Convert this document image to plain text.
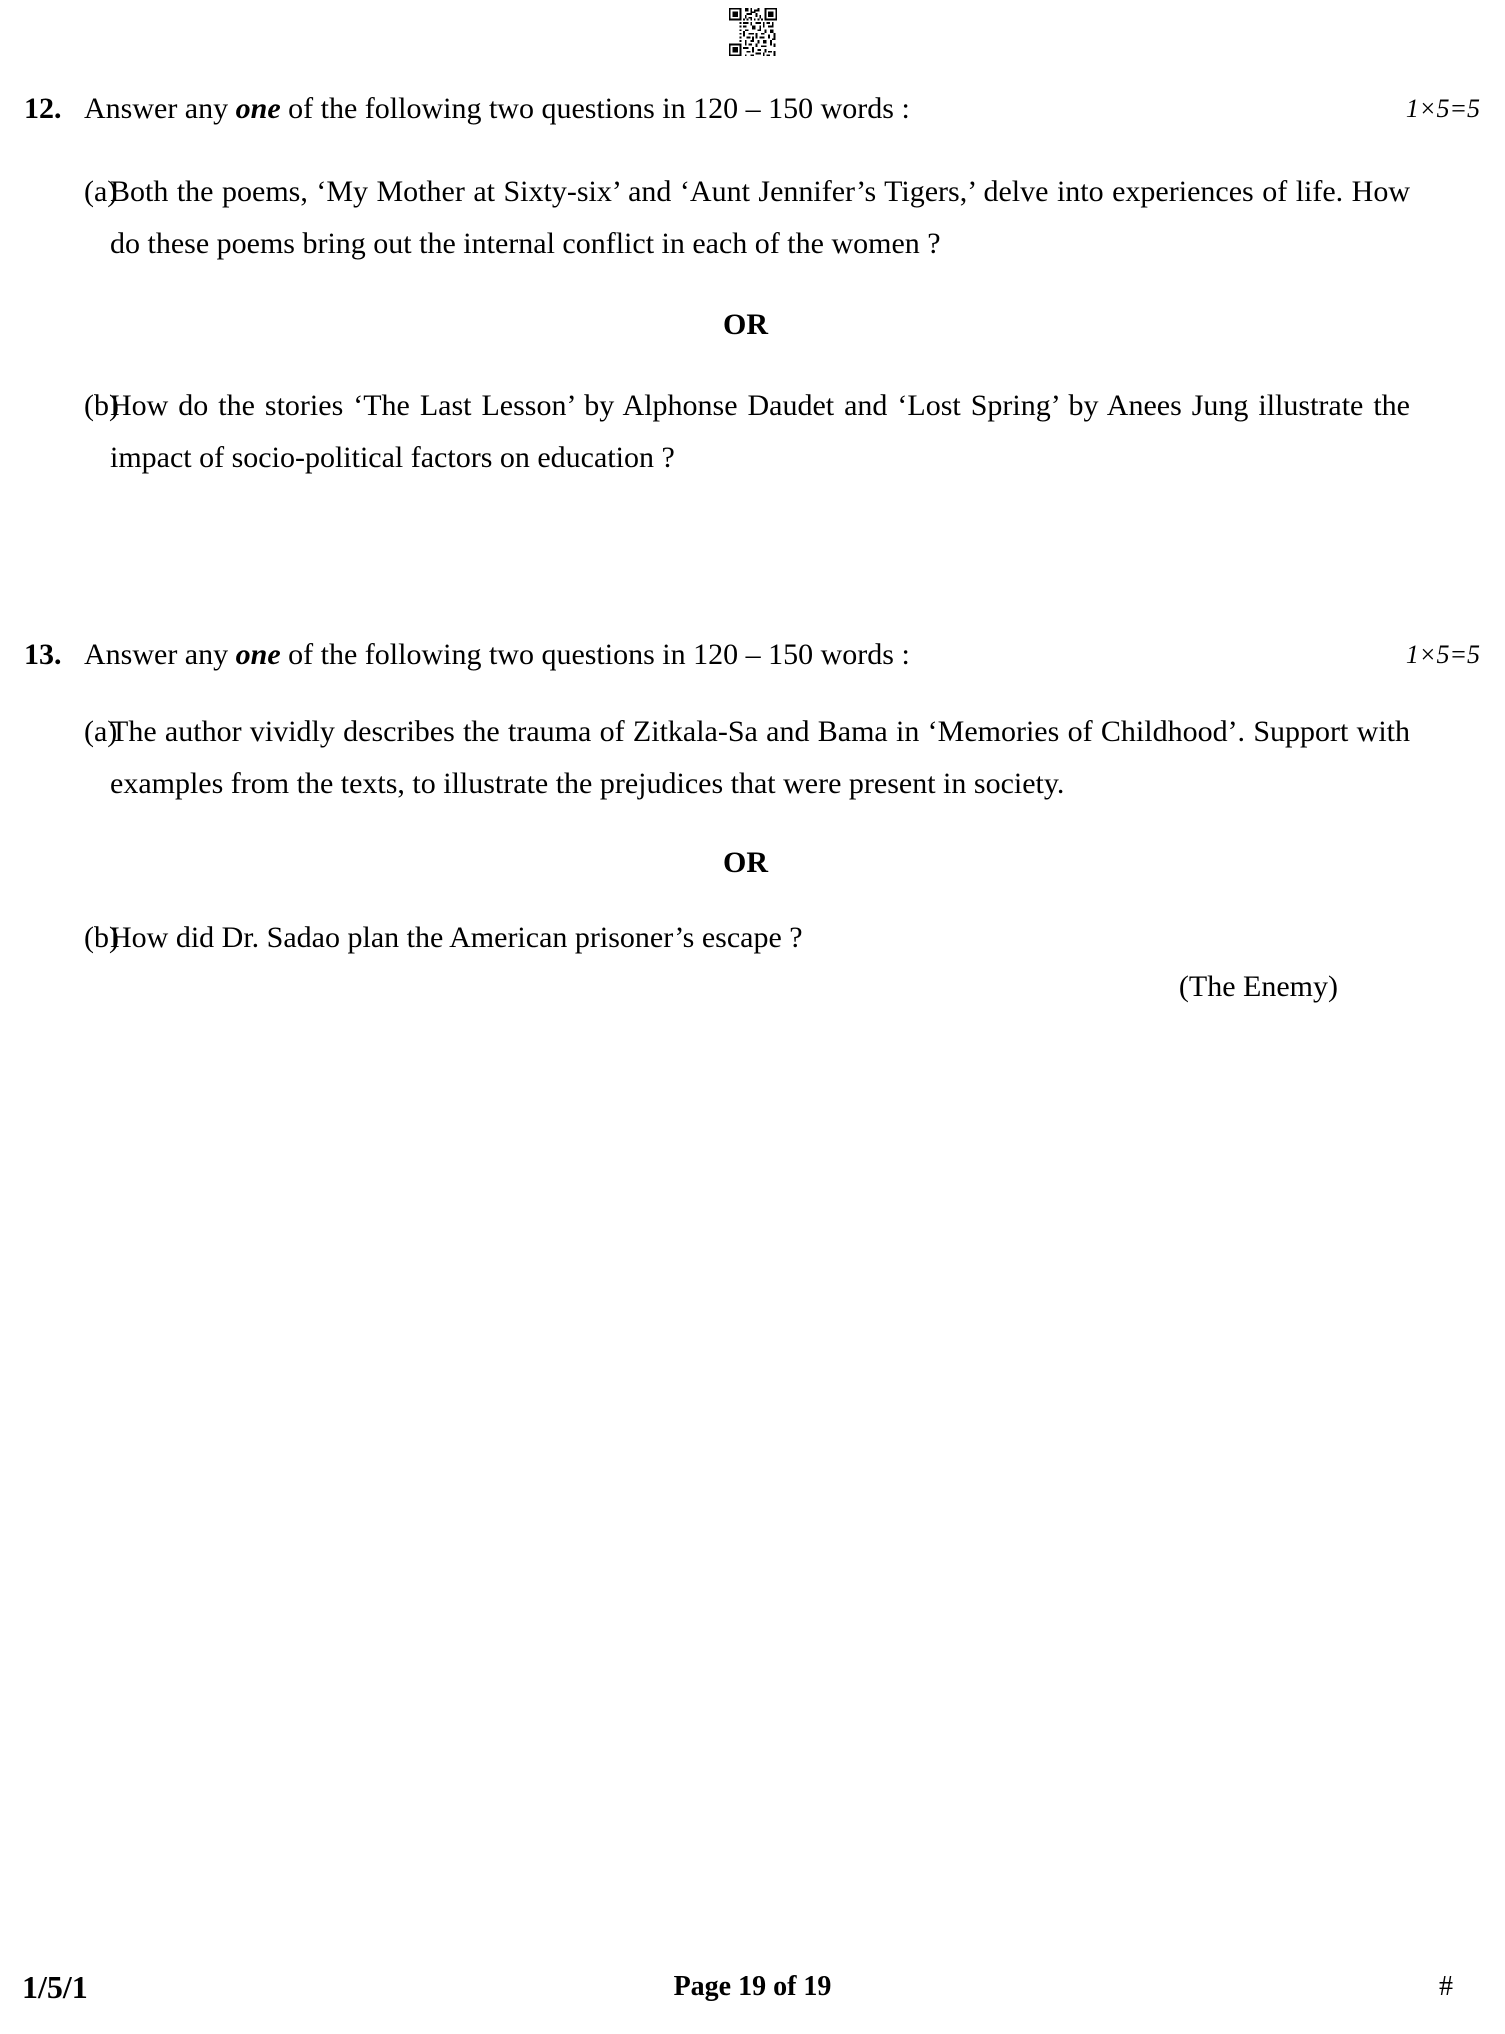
12. Answer any one of the following two questions in 120 – 150 words :	1×5=5
(a)
Both the poems, ‘My Mother at Sixty-six’ and ‘Aunt Jennifer’s Tigers,’ delve into experiences of life. How do these poems bring out the internal conflict in each of the women ?
OR
(b)
How do the stories ‘The Last Lesson’ by Alphonse Daudet and ‘Lost Spring’ by Anees Jung illustrate the impact of socio-political factors on education ?
13. Answer any one of the following two questions in 120 – 150 words :	1×5=5
(a)
The author vividly describes the trauma of Zitkala-Sa and Bama in ‘Memories of Childhood’. Support with examples from the texts, to illustrate the prejudices that were present in society.
OR
(b)
How did Dr. Sadao plan the American prisoner’s escape ?
(The Enemy)
1/5/1	Page 19 of 19	#
